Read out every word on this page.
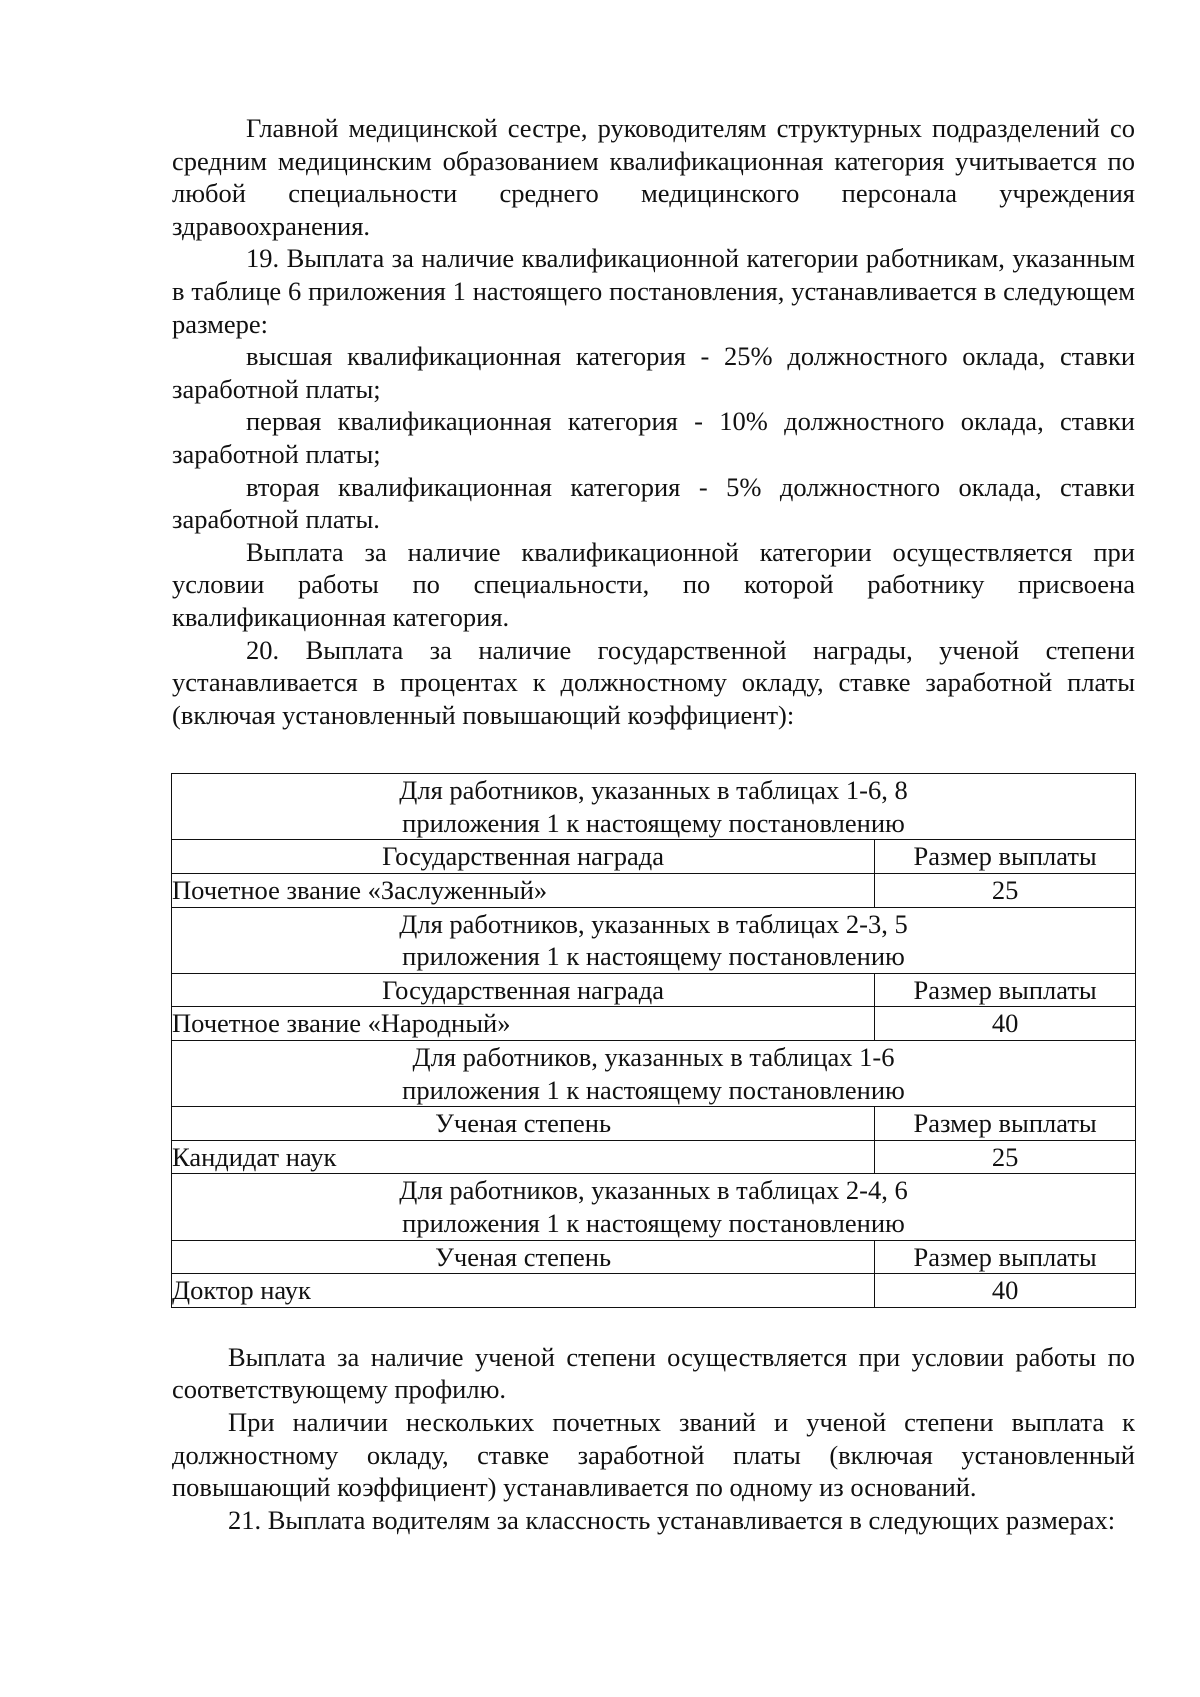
Главной медицинской сестре, руководителям структурных подразделений со средним медицинским образованием квалификационная категория учитывается по любой специальности среднего медицинского персонала учреждения здравоохранения.

19. Выплата за наличие квалификационной категории работникам, указанным в таблице 6 приложения 1 настоящего постановления, устанавливается в следующем размере:

высшая квалификационная категория - 25% должностного оклада, ставки заработной платы;

первая квалификационная категория - 10% должностного оклада, ставки заработной платы;

вторая квалификационная категория - 5% должностного оклада, ставки заработной платы.

Выплата за наличие квалификационной категории осуществляется при условии работы по специальности, по которой работнику присвоена квалификационная категория.

20. Выплата за наличие государственной награды, ученой степени устанавливается в процентах к должностному окладу, ставке заработной платы (включая установленный повышающий коэффициент):

Для работников, указанных в таблицах 1-6, 8
приложения 1 к настоящему постановлению	

Государственная награда	Размер выплаты
Почетное звание «Заслуженный»	25

Для работников, указанных в таблицах 2-3, 5
приложения 1 к настоящему постановлению	

Государственная награда	Размер выплаты
Почетное звание «Народный»	40

Для работников, указанных в таблицах 1-6
приложения 1 к настоящему постановлению	

Ученая степень	Размер выплаты
Кандидат наук	25

Для работников, указанных в таблицах 2-4, 6
приложения 1 к настоящему постановлению	

Ученая степень	Размер выплаты
Доктор наук	40

Выплата за наличие ученой степени осуществляется при условии работы по соответствующему профилю.

При наличии нескольких почетных званий и ученой степени выплата к должностному окладу, ставке заработной платы (включая установленный повышающий коэффициент) устанавливается по одному из оснований.

21. Выплата водителям за классность устанавливается в следующих размерах:
